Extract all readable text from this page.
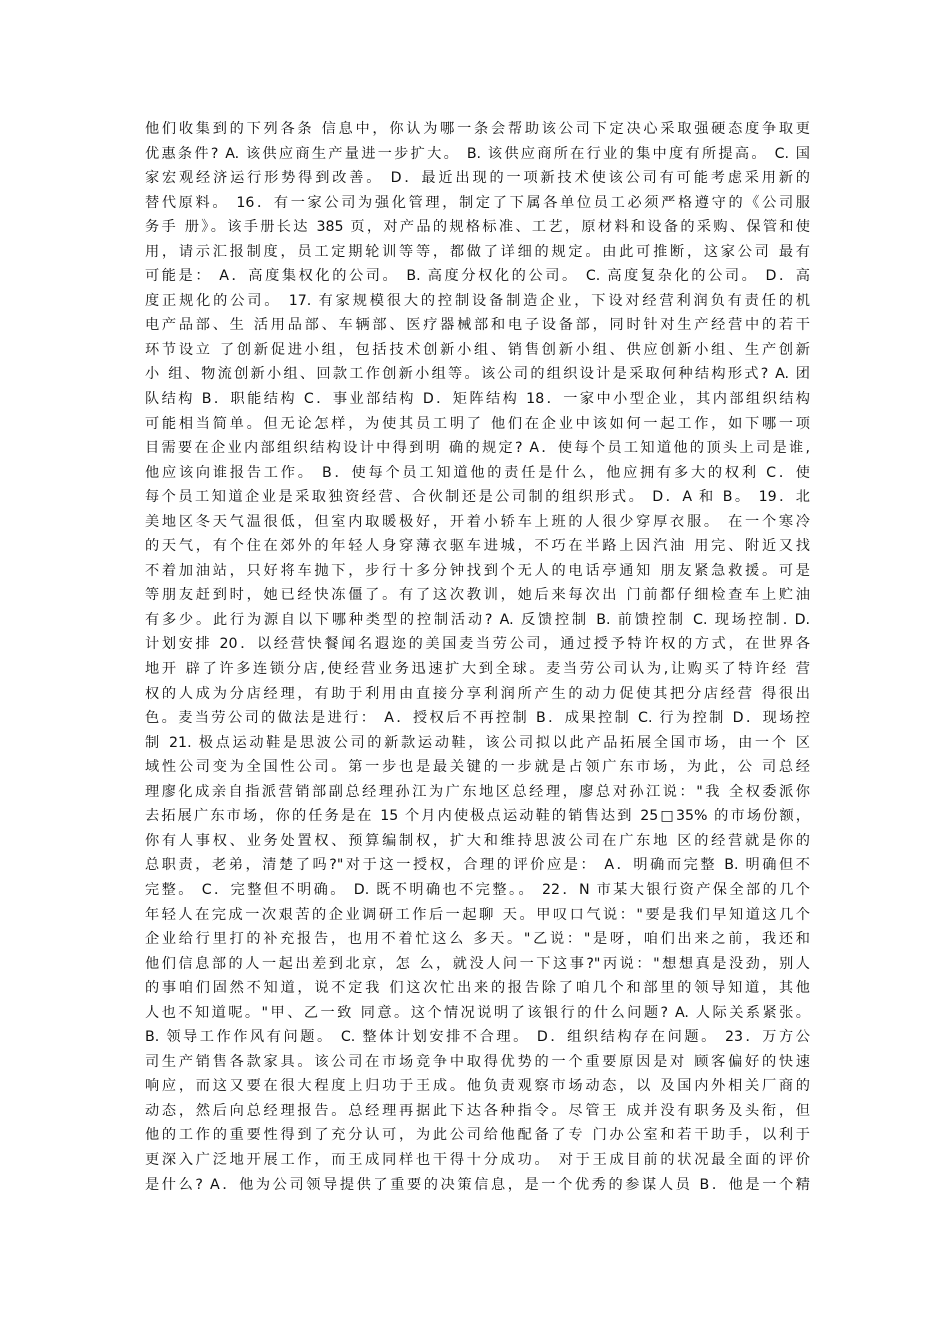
他们收集到的下列各条 信息中，你认为哪一条会帮助该公司下定决心采取强硬态度争取更
优惠条件? A. 该供应商生产量进一步扩大。 B. 该供应商所在行业的集中度有所提高。 C. 国
家宏观经济运行形势得到改善。 D．最近出现的一项新技术使该公司有可能考虑采用新的
替代原料。 16．有一家公司为强化管理，制定了下属各单位员工必须严格遵守的《公司服
务手 册》。该手册长达 385 页，对产品的规格标准、工艺，原材料和设备的采购、保管和使
用，请示汇报制度，员工定期轮训等等，都做了详细的规定。由此可推断，这家公司 最有
可能是： A．高度集权化的公司。 B. 高度分权化的公司。 C. 高度复杂化的公司。 D．高
度正规化的公司。 17. 有家规模很大的控制设备制造企业，下设对经营利润负有责任的机
电产品部、生 活用品部、车辆部、医疗器械部和电子设备部，同时针对生产经营中的若干
环节设立 了创新促进小组，包括技术创新小组、销售创新小组、供应创新小组、生产创新
小 组、物流创新小组、回款工作创新小组等。该公司的组织设计是采取何种结构形式? A. 团
队结构 B．职能结构 C．事业部结构 D．矩阵结构 18．一家中小型企业，其内部组织结构
可能相当简单。但无论怎样，为使其员工明了 他们在企业中该如何一起工作，如下哪一项
目需要在企业内部组织结构设计中得到明 确的规定? A．使每个员工知道他的顶头上司是谁,
他应该向谁报告工作。 B．使每个员工知道他的责任是什么，他应拥有多大的权利 C．使
每个员工知道企业是采取独资经营、合伙制还是公司制的组织形式。 D．A 和 B。 19．北
美地区冬天气温很低，但室内取暖极好，开着小轿车上班的人很少穿厚衣服。 在一个寒冷
的天气，有个住在郊外的年轻人身穿薄衣驱车进城，不巧在半路上因汽油 用完、附近又找
不着加油站，只好将车抛下，步行十多分钟找到个无人的电话亭通知 朋友紧急救援。可是
等朋友赶到时，她已经快冻僵了。有了这次教训，她后来每次出 门前都仔细检查车上贮油
有多少。此行为源自以下哪种类型的控制活动? A. 反馈控制 B. 前馈控制 C. 现场控制. D.
计划安排 20．以经营快餐闻名遐迩的美国麦当劳公司，通过授予特许权的方式，在世界各
地开 辟了许多连锁分店,使经营业务迅速扩大到全球。麦当劳公司认为,让购买了特许经 营
权的人成为分店经理，有助于利用由直接分享利润所产生的动力促使其把分店经营 得很出
色。麦当劳公司的做法是进行： A．授权后不再控制 B．成果控制 C. 行为控制 D．现场控
制 21. 极点运动鞋是思波公司的新款运动鞋，该公司拟以此产品拓展全国市场，由一个 区
域性公司变为全国性公司。第一步也是最关键的一步就是占领广东市场，为此，公 司总经
理廖化成亲自指派营销部副总经理孙江为广东地区总经理，廖总对孙江说："我 全权委派你
去拓展广东市场，你的任务是在 15 个月内使极点运动鞋的销售达到 25□35% 的市场份额，
你有人事权、业务处置权、预算编制权，扩大和维持思波公司在广东地 区的经营就是你的
总职责，老弟，清楚了吗?"对于这一授权，合理的评价应是： A．明确而完整 B. 明确但不
完整。 C．完整但不明确。 D. 既不明确也不完整。。 22．N 市某大银行资产保全部的几个
年轻人在完成一次艰苦的企业调研工作后一起聊 天。甲叹口气说："要是我们早知道这几个
企业给行里打的补充报告，也用不着忙这么 多天。"乙说："是呀，咱们出来之前，我还和
他们信息部的人一起出差到北京，怎 么，就没人问一下这事?"丙说："想想真是没劲，别人
的事咱们固然不知道，说不定我 们这次忙出来的报告除了咱几个和部里的领导知道，其他
人也不知道呢。"甲、乙一致 同意。这个情况说明了该银行的什么问题? A. 人际关系紧张。
B. 领导工作作风有问题。 C. 整体计划安排不合理。 D．组织结构存在问题。 23．万方公
司生产销售各款家具。该公司在市场竞争中取得优势的一个重要原因是对 顾客偏好的快速
响应，而这又要在很大程度上归功于王成。他负责观察市场动态，以 及国内外相关厂商的
动态，然后向总经理报告。总经理再据此下达各种指令。尽管王 成并没有职务及头衔，但
他的工作的重要性得到了充分认可，为此公司给他配备了专 门办公室和若干助手，以利于
更深入广泛地开展工作，而王成同样也干得十分成功。 对于王成目前的状况最全面的评价
是什么? A．他为公司领导提供了重要的决策信息，是一个优秀的参谋人员 B．他是一个精
